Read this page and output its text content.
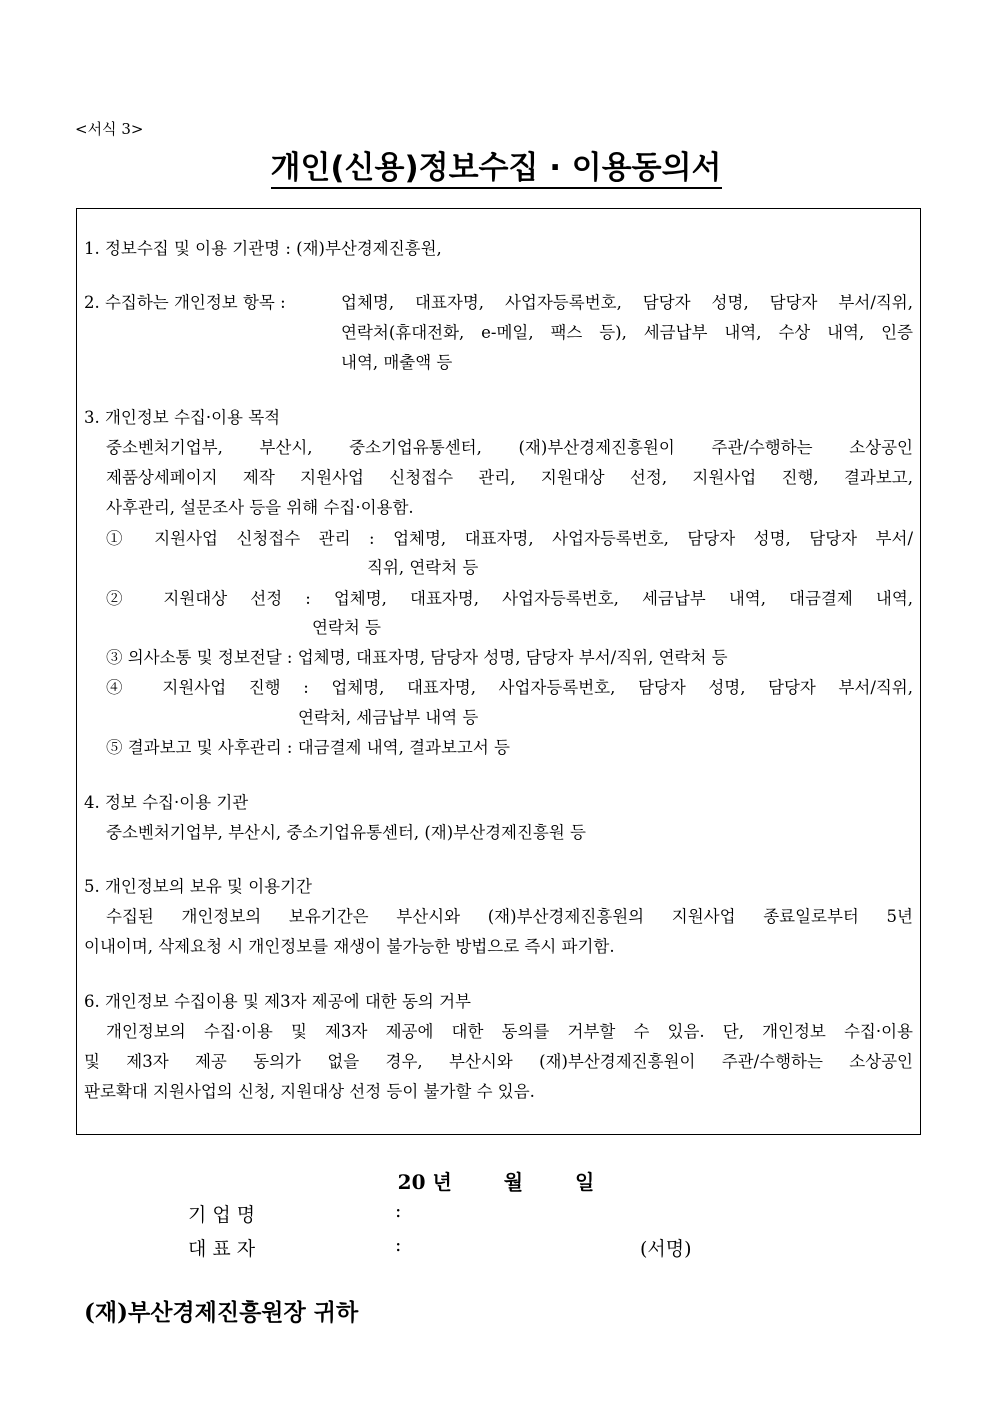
<서식 3>
개인(신용)정보수집 · 이용동의서
1. 정보수집 및 이용 기관명 : (재)부산경제진흥원,
2. 수집하는 개인정보 항목 :	업체명, 대표자명, 사업자등록번호, 담당자 성명, 담당자 부서/직위,
연락처(휴대전화, e-메일, 팩스 등), 세금납부 내역, 수상 내역, 인증
내역, 매출액 등
3. 개인정보 수집·이용 목적
중소벤처기업부, 부산시, 중소기업유통센터, (재)부산경제진흥원이 주관/수행하는 소상공인
제품상세페이지 제작 지원사업 신청접수 관리, 지원대상 선정, 지원사업 진행, 결과보고,
사후관리, 설문조사 등을 위해 수집·이용함.
① 지원사업 신청접수 관리 : 업체명, 대표자명, 사업자등록번호, 담당자 성명, 담당자 부서/
직위, 연락처 등
② 지원대상 선정 : 업체명, 대표자명, 사업자등록번호, 세금납부 내역, 대금결제 내역,
연락처 등
③ 의사소통 및 정보전달 : 업체명, 대표자명, 담당자 성명, 담당자 부서/직위, 연락처 등
④ 지원사업 진행 : 업체명, 대표자명, 사업자등록번호, 담당자 성명, 담당자 부서/직위,
연락처, 세금납부 내역 등
⑤ 결과보고 및 사후관리 : 대금결제 내역, 결과보고서 등
4. 정보 수집·이용 기관
중소벤처기업부, 부산시, 중소기업유통센터, (재)부산경제진흥원 등
5. 개인정보의 보유 및 이용기간
수집된 개인정보의 보유기간은 부산시와 (재)부산경제진흥원의 지원사업 종료일로부터 5년
이내이며, 삭제요청 시 개인정보를 재생이 불가능한 방법으로 즉시 파기함.
6. 개인정보 수집이용 및 제3자 제공에 대한 동의 거부
개인정보의 수집·이용 및 제3자 제공에 대한 동의를 거부할 수 있음. 단, 개인정보 수집·이용
및 제3자 제공 동의가 없을 경우, 부산시와 (재)부산경제진흥원이 주관/수행하는 소상공인
판로확대 지원사업의 신청, 지원대상 선정 등이 불가할 수 있음.
20 년	월	일
기 업 명	:
대 표 자	:	(서명)
(재)부산경제진흥원장 귀하
